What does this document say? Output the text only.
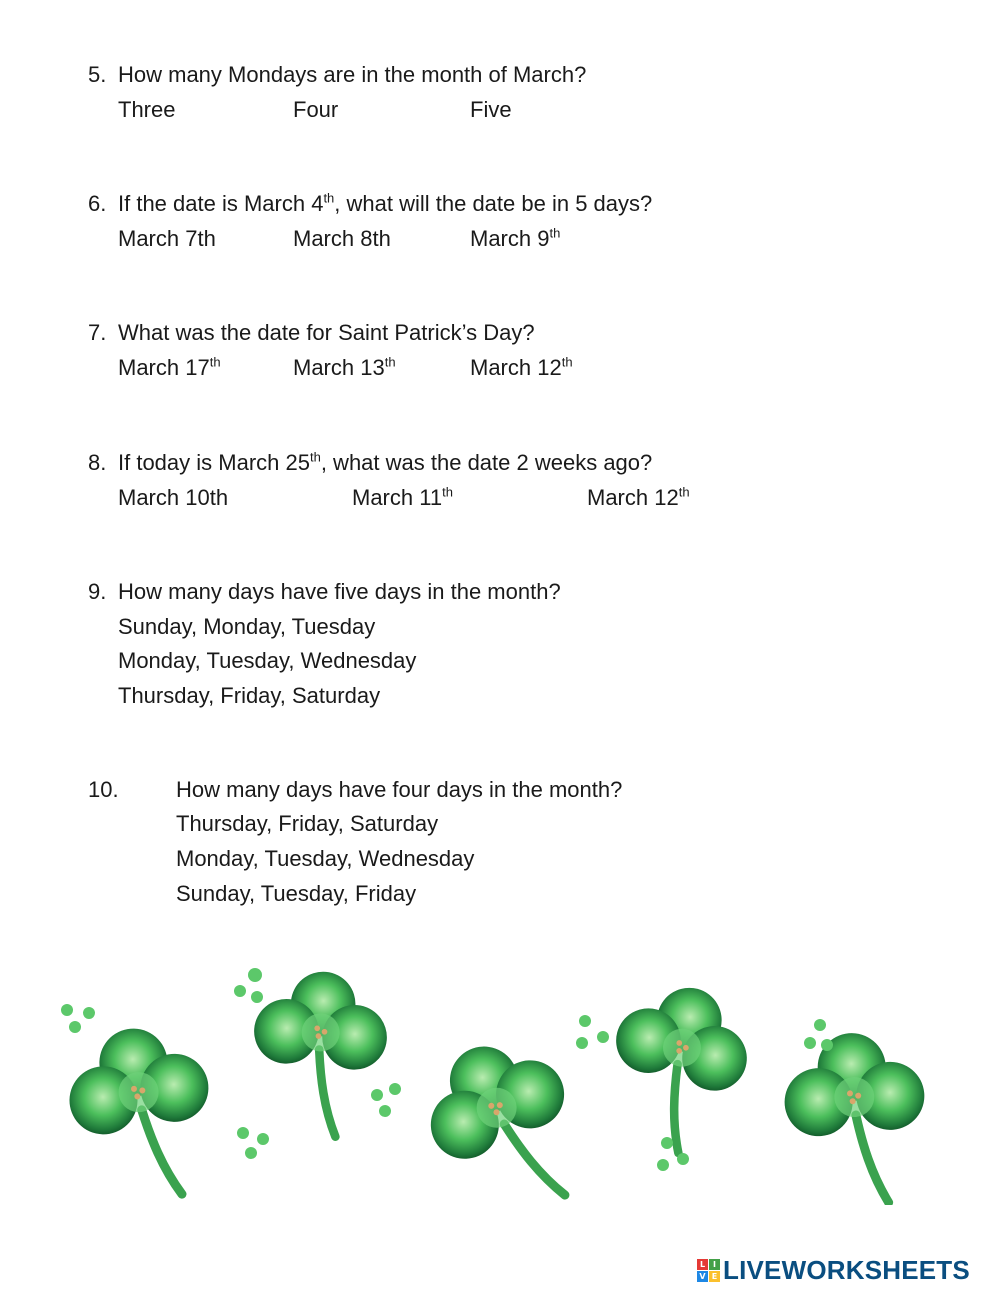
5. How many Mondays are in the month of March?
Three	Four	Five
6. If the date is March 4th, what will the date be in 5 days?
March 7th	March 8th	March 9th
7. What was the date for Saint Patrick’s Day?
March 17th	March 13th	March 12th
8. If today is March 25th, what was the date 2 weeks ago?
March 10th	March 11th	March 12th
9. How many days have five days in the month?
Sunday, Monday, Tuesday
Monday, Tuesday, Wednesday
Thursday, Friday, Saturday
10.	How many days have four days in the month?
Thursday, Friday, Saturday
Monday, Tuesday, Wednesday
Sunday, Tuesday, Friday
L I
V E LIVEWORKSHEETS
